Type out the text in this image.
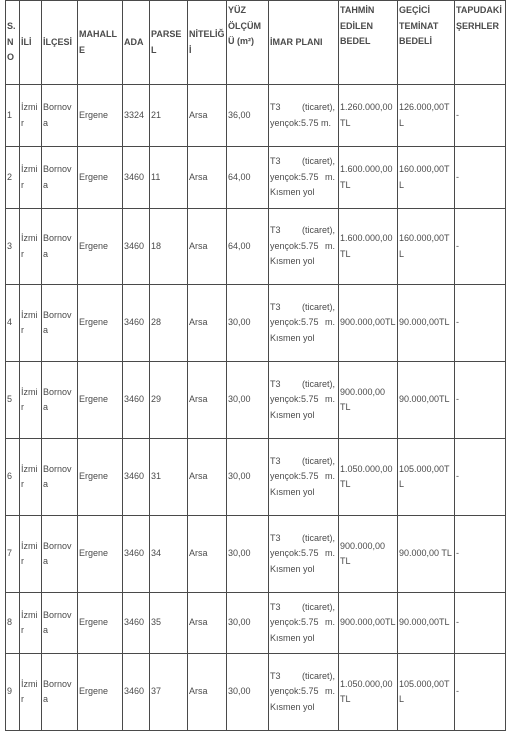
S. NO	İLİ	İLÇESİ	MAHALLE	ADA	PARSEL	NİTELİĞİ	YÜZ ÖLÇÜMÜ (m²)	İMAR PLANI	TAHMİN EDİLEN BEDEL	GEÇİCİ TEMİNAT BEDELİ	TAPUDAKİ ŞERHLER
1	İzmir	Bornova	Ergene	3324	21	Arsa	36,00	T3 (ticaret), yençok:5.75 m.	1.260.000,00 TL	126.000,00TL	-
2	İzmir	Bornova	Ergene	3460	11	Arsa	64,00	T3 (ticaret), yençok:5.75 m. Kısmen yol	1.600.000,00 TL	160.000,00TL	-
3	İzmir	Bornova	Ergene	3460	18	Arsa	64,00	T3 (ticaret), yençok:5.75 m. Kısmen yol	1.600.000,00 TL	160.000,00TL	-
4	İzmir	Bornova	Ergene	3460	28	Arsa	30,00	T3 (ticaret), yençok:5.75 m. Kısmen yol	900.000,00TL	90.000,00TL	-
5	İzmir	Bornova	Ergene	3460	29	Arsa	30,00	T3 (ticaret), yençok:5.75 m. Kısmen yol	900.000,00 TL	90.000,00TL	-
6	İzmir	Bornova	Ergene	3460	31	Arsa	30,00	T3 (ticaret), yençok:5.75 m. Kısmen yol	1.050.000,00 TL	105.000,00TL	-
7	İzmir	Bornova	Ergene	3460	34	Arsa	30,00	T3 (ticaret), yençok:5.75 m. Kısmen yol	900.000,00 TL	90.000,00 TL	-
8	İzmir	Bornova	Ergene	3460	35	Arsa	30,00	T3 (ticaret), yençok:5.75 m. Kısmen yol	900.000,00TL	90.000,00TL	-
9	İzmir	Bornova	Ergene	3460	37	Arsa	30,00	T3 (ticaret), yençok:5.75 m. Kısmen yol	1.050.000,00 TL	105.000,00TL	-
